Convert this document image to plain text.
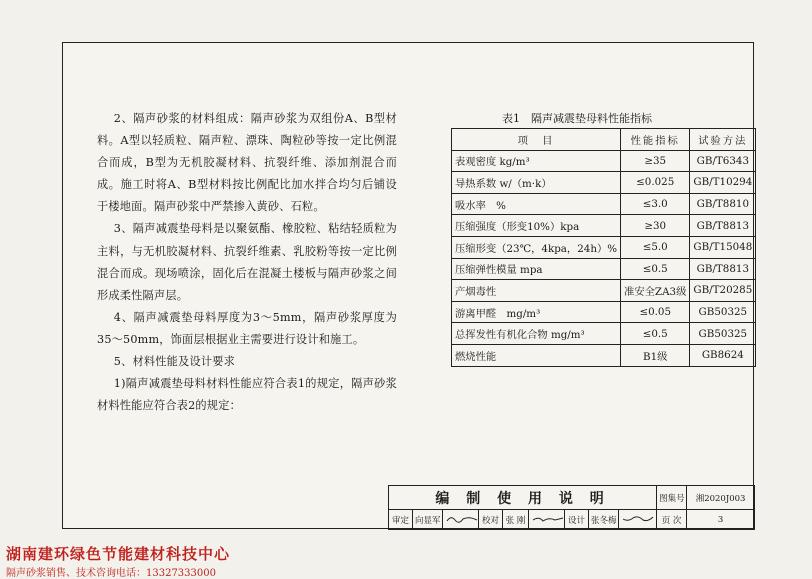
2、隔声砂浆的材料组成：隔声砂浆为双组份A、B型材料。A型以轻质粒、隔声粒、漂珠、陶粒砂等按一定比例混合而成，B型为无机胶凝材料、抗裂纤维、添加剂混合而成。施工时将A、B型材料按比例配比加水拌合均匀后铺设于楼地面。隔声砂浆中严禁掺入黄砂、石粒。

3、隔声减震垫母料是以聚氨酯、橡胶粒、粘结轻质粒为主料，与无机胶凝材料、抗裂纤维素、乳胶粉等按一定比例混合而成。现场喷涂，固化后在混凝土楼板与隔声砂浆之间形成柔性隔声层。

4、隔声减震垫母料厚度为3～5mm，隔声砂浆厚度为35～50mm，饰面层根据业主需要进行设计和施工。

5、材料性能及设计要求

1)隔声减震垫母料材料性能应符合表1的规定，隔声砂浆材料性能应符合表2的规定：

表1　隔声减震垫母料性能指标
项　目	性能指标	试验方法
表观密度 kg/m³	≥35	GB/T6343
导热系数 w/（m·k）	≤0.025	GB/T10294
吸水率　%	≤3.0	GB/T8810
压缩强度（形变10%）kpa	≥30	GB/T8813
压缩形变（23℃，4kpa，24h）%	≤5.0	GB/T15048
压缩弹性模量 mpa	≤0.5	GB/T8813
产烟毒性	准安全ZA3级	GB/T20285
游离甲醛　mg/m³	≤0.05	GB50325
总挥发性有机化合物 mg/m³	≤0.5	GB50325
燃烧性能	B1级	GB8624
编 制 使 用 说 明									图集号	湘2020J003
审定	向显军		校对	张 刚		设计	张冬梅		页 次	3
湖南建环绿色节能建材科技中心
隔声砂浆销售、技术咨询电话：13327333000
